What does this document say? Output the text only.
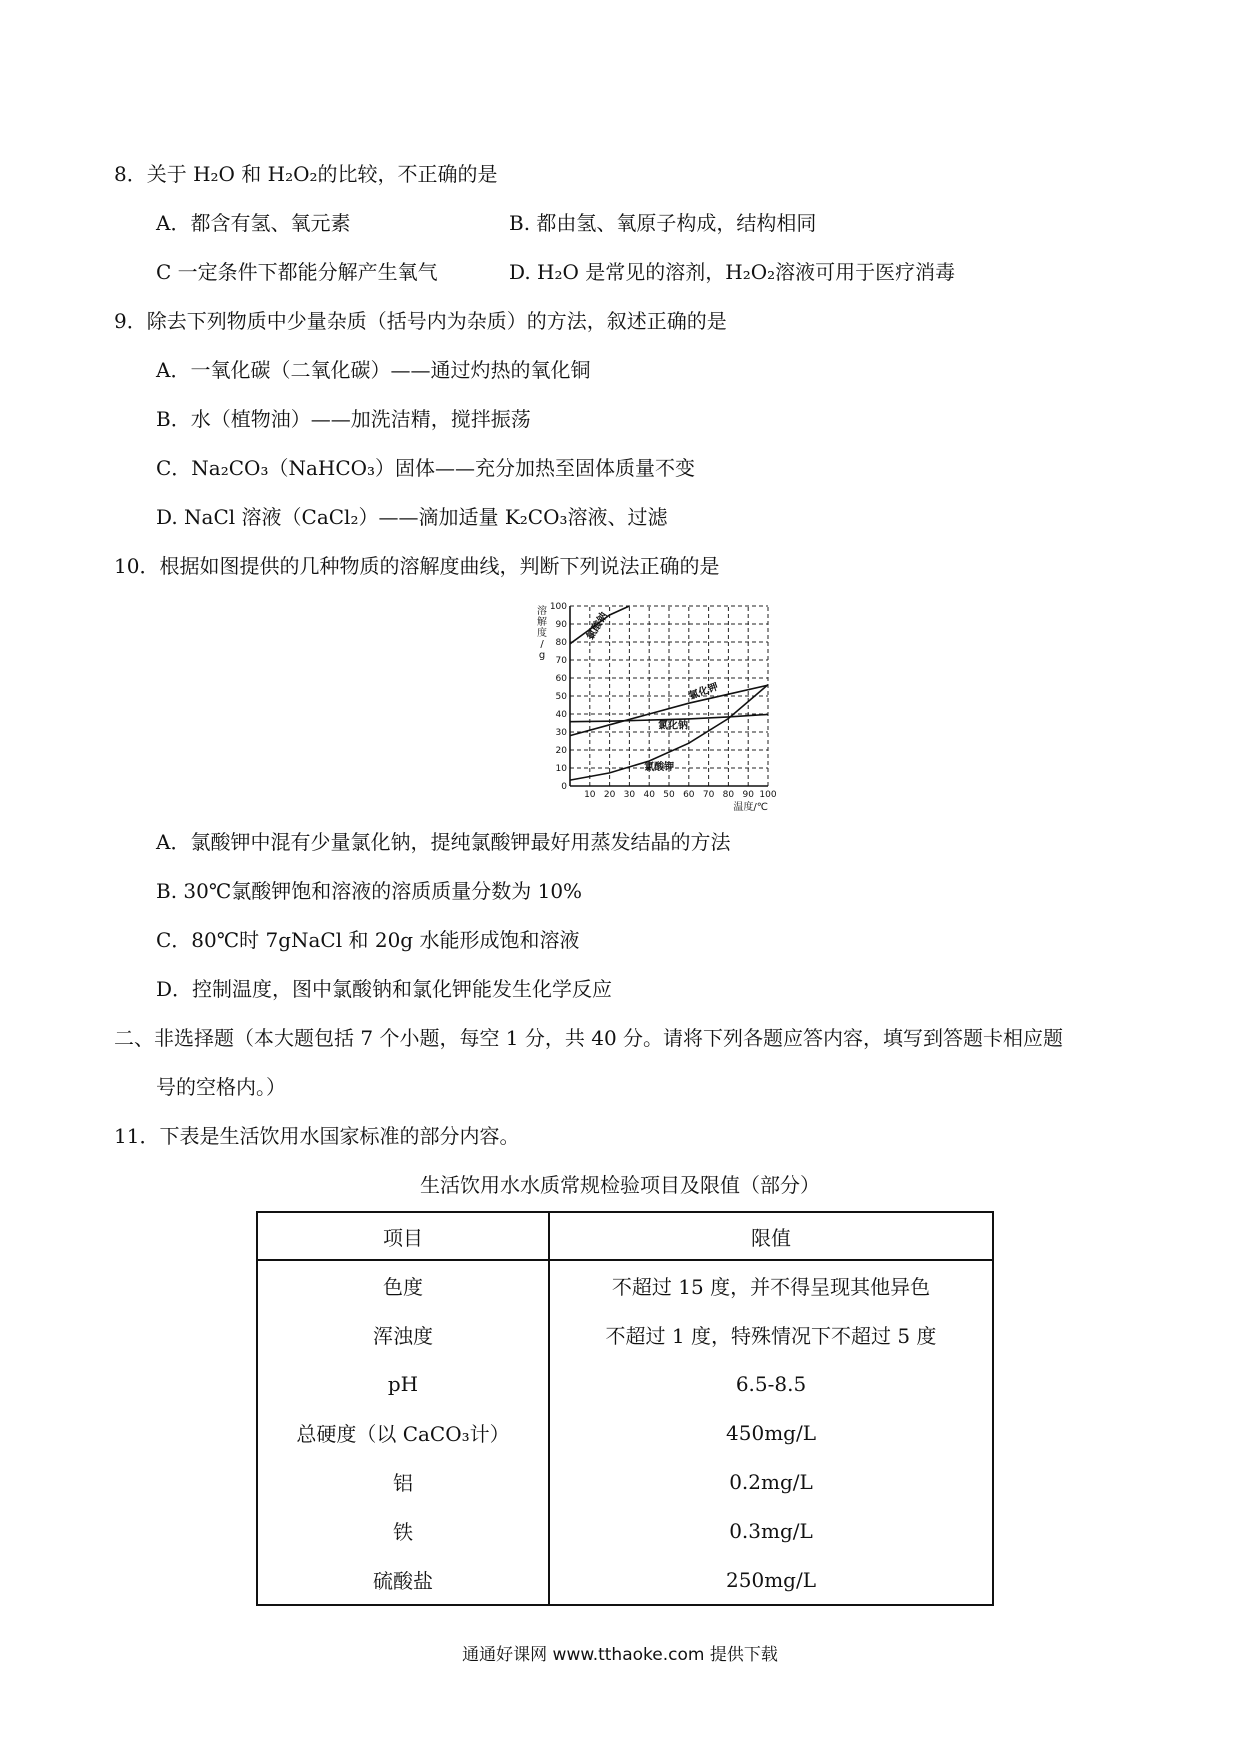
8．关于 H₂O 和 H₂O₂的比较，不正确的是
A．都含有氢、氧元素	B. 都由氢、氧原子构成，结构相同
C 一定条件下都能分解产生氧气	D. H₂O 是常见的溶剂，H₂O₂溶液可用于医疗消毒
9．除去下列物质中少量杂质（括号内为杂质）的方法，叙述正确的是
A．一氧化碳（二氧化碳）——通过灼热的氧化铜
B．水（植物油）——加洗洁精，搅拌振荡
C．Na₂CO₃（NaHCO₃）固体——充分加热至固体质量不变
D. NaCl 溶液（CaCl₂）——滴加适量 K₂CO₃溶液、过滤
10．根据如图提供的几种物质的溶解度曲线，判断下列说法正确的是
0
10
20
30
40
50
60
70
80
90
100
10 20 30 40 50 60 70 80 90 100
温度/℃
溶
解
度
/
g
氯酸钠
氯化钾
氯化钠
氯酸钾
A．氯酸钾中混有少量氯化钠，提纯氯酸钾最好用蒸发结晶的方法
B. 30℃氯酸钾饱和溶液的溶质质量分数为 10%
C．80℃时 7gNaCl 和 20g 水能形成饱和溶液
D．控制温度，图中氯酸钠和氯化钾能发生化学反应
二、非选择题（本大题包括 7 个小题，每空 1 分，共 40 分。请将下列各题应答内容，填写到答题卡相应题
号的空格内。）
11．下表是生活饮用水国家标准的部分内容。
生活饮用水水质常规检验项目及限值（部分）
项目	限值
色度	不超过 15 度，并不得呈现其他异色
浑浊度	不超过 1 度，特殊情况下不超过 5 度
pH	6.5-8.5
总硬度（以 CaCO₃计）	450mg/L
铝	0.2mg/L
铁	0.3mg/L
硫酸盐	250mg/L
通通好课网 www.tthaoke.com 提供下载
